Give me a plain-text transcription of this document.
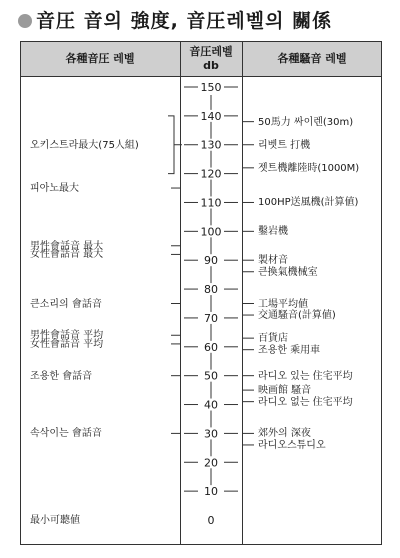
音圧 音의 強度, 音圧레벨의 關係
各種音圧 레벨
音圧레벨 db
各種騷音 레벨
150
140
130
120
110
100
90
80
70
60
50
40
30
20
10
0
오키스트라最大(75人組)
피아노最大
男性會話音 最大
女性會話音 最大
큰소리의 會話音
男性會話音 平均
女性會話音 平均
조용한 會話音
속삭이는 會話音
最小可聽値
50馬力 싸이렌(30m)
리벳트 打機
젯트機離陸時(1000M)
100HP送風機(計算値)
鑿岩機
製材音
큰換氣機械室
工場平均値
交通騷音(計算値)
百貨店
조용한 乘用車
라디오 있는 住宅平均
映画館 騷音
라디오 없는 住宅平均
郊外의 深夜
라디오스튜디오
